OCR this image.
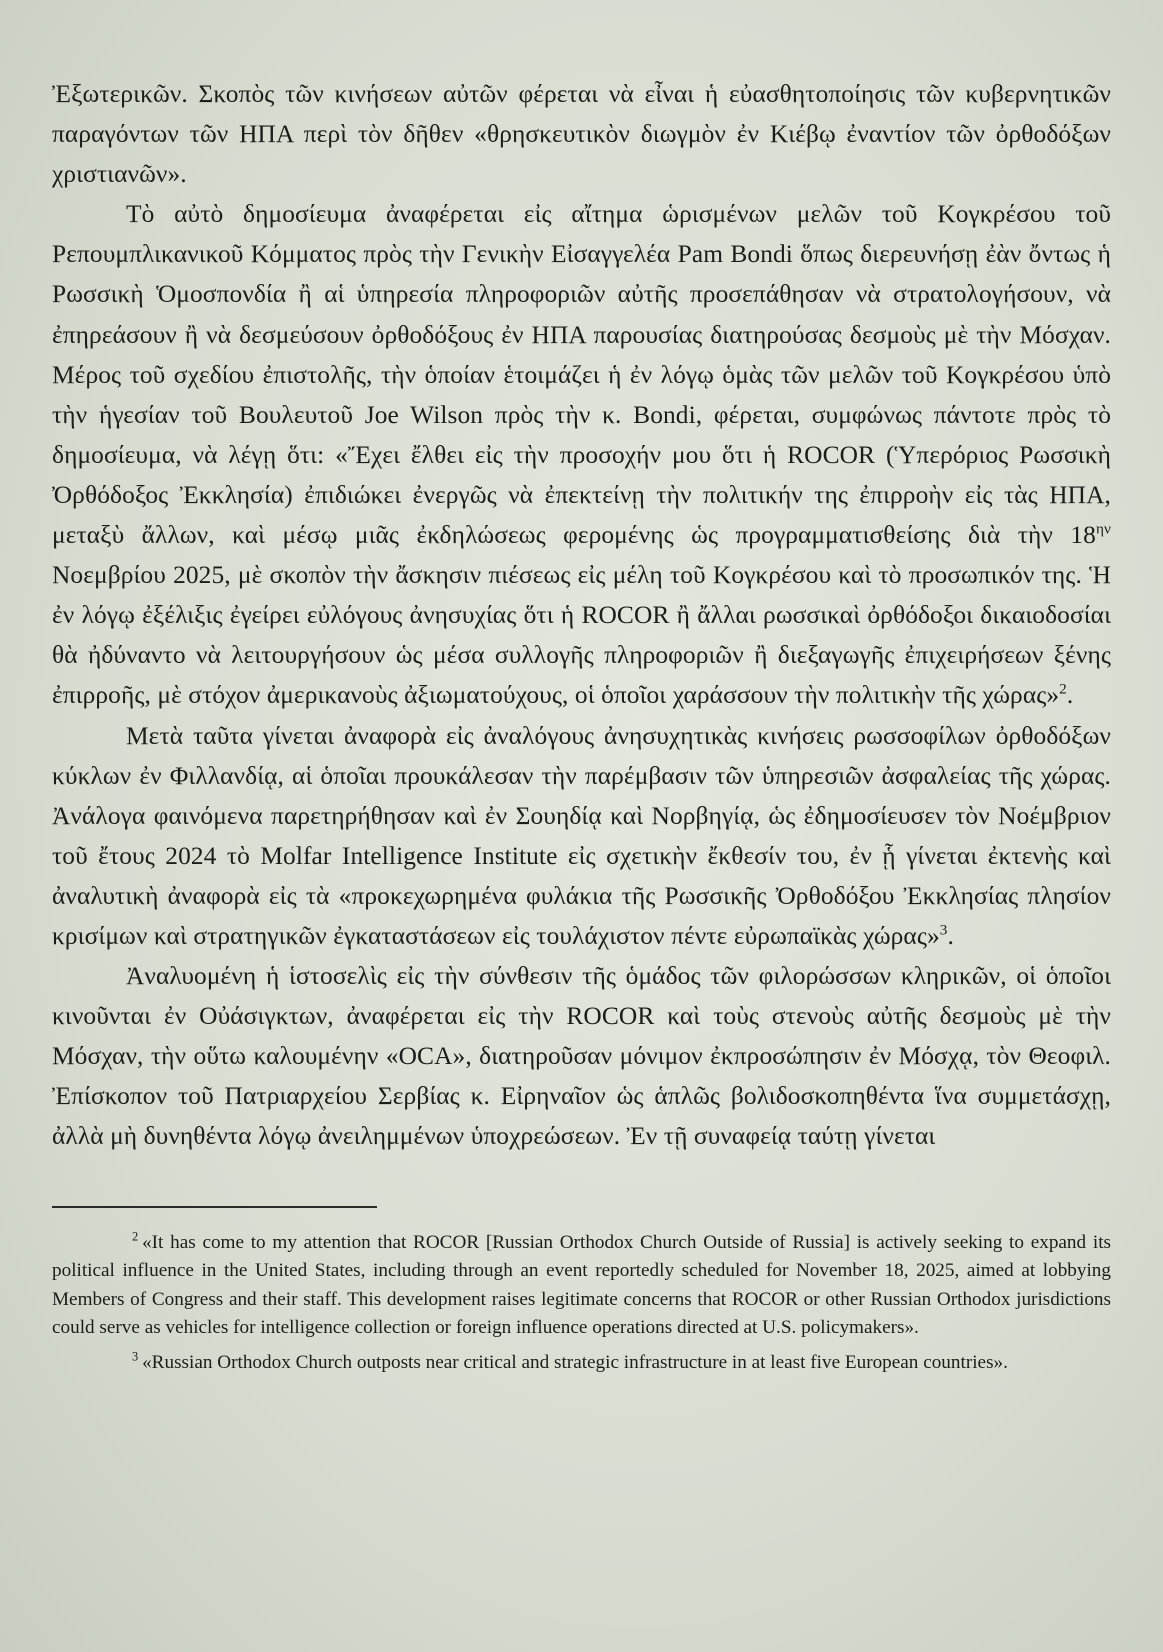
Ἐξωτερικῶν. Σκοπὸς τῶν κινήσεων αὐτῶν φέρεται νὰ εἶναι ἡ εὐασθητοποίησις τῶν κυβερνητικῶν παραγόντων τῶν ΗΠΑ περὶ τὸν δῆθεν «θρησκευτικὸν διωγμὸν ἐν Κιέβῳ ἐναντίον τῶν ὀρθοδόξων χριστιανῶν».

Τὸ αὐτὸ δημοσίευμα ἀναφέρεται εἰς αἴτημα ὡρισμένων μελῶν τοῦ Κογκρέσου τοῦ Ρεπουμπλικανικοῦ Κόμματος πρὸς τὴν Γενικὴν Εἰσαγγελέα Pam Bondi ὅπως διερευνήσῃ ἐὰν ὄντως ἡ Ρωσσικὴ Ὁμοσπονδία ἢ αἱ ὑπηρεσία πληροφοριῶν αὐτῆς προσεπάθησαν νὰ στρατολογήσουν, νὰ ἐπηρεάσουν ἢ νὰ δεσμεύσουν ὀρθοδόξους ἐν ΗΠΑ παρουσίας διατηρούσας δεσμοὺς μὲ τὴν Μόσχαν. Μέρος τοῦ σχεδίου ἐπιστολῆς, τὴν ὁποίαν ἑτοιμάζει ἡ ἐν λόγῳ ὁμὰς τῶν μελῶν τοῦ Κογκρέσου ὑπὸ τὴν ἡγεσίαν τοῦ Βουλευτοῦ Joe Wilson πρὸς τὴν κ. Bondi, φέρεται, συμφώνως πάντοτε πρὸς τὸ δημοσίευμα, νὰ λέγῃ ὅτι: «Ἔχει ἔλθει εἰς τὴν προσοχήν μου ὅτι ἡ ROCOR (Ὑπερόριος Ρωσσικὴ Ὀρθόδοξος Ἐκκλησία) ἐπιδιώκει ἐνεργῶς νὰ ἐπεκτείνῃ τὴν πολιτικήν της ἐπιρροὴν εἰς τὰς ΗΠΑ, μεταξὺ ἄλλων, καὶ μέσῳ μιᾶς ἐκδηλώσεως φερομένης ὡς προγραμματισθείσης διὰ τὴν $18^{\eta\nu}$ Νοεμβρίου 2025, μὲ σκοπὸν τὴν ἄσκησιν πιέσεως εἰς μέλη τοῦ Κογκρέσου καὶ τὸ προσωπικόν της. Ἡ ἐν λόγῳ ἐξέλιξις ἐγείρει εὐλόγους ἀνησυχίας ὅτι ἡ ROCOR ἢ ἄλλαι ρωσσικαὶ ὀρθόδοξοι δικαιοδοσίαι θὰ ἠδύναντο νὰ λειτουργήσουν ὡς μέσα συλλογῆς πληροφοριῶν ἢ διεξαγωγῆς ἐπιχειρήσεων ξένης ἐπιρροῆς, μὲ στόχον ἀμερικανοὺς ἀξιωματούχους, οἱ ὁποῖοι χαράσσουν τὴν πολιτικὴν τῆς χώρας»$^2$.

Μετὰ ταῦτα γίνεται ἀναφορὰ εἰς ἀναλόγους ἀνησυχητικὰς κινήσεις ρωσσοφίλων ὀρθοδόξων κύκλων ἐν Φιλλανδίᾳ, αἱ ὁποῖαι προυκάλεσαν τὴν παρέμβασιν τῶν ὑπηρεσιῶν ἀσφαλείας τῆς χώρας. Ἀνάλογα φαινόμενα παρετηρήθησαν καὶ ἐν Σουηδίᾳ καὶ Νορβηγίᾳ, ὡς ἐδημοσίευσεν τὸν Νοέμβριον τοῦ ἔτους 2024 τὸ Molfar Intelligence Institute εἰς σχετικὴν ἔκθεσίν του, ἐν ᾗ γίνεται ἐκτενὴς καὶ ἀναλυτικὴ ἀναφορὰ εἰς τὰ «προκεχωρημένα φυλάκια τῆς Ρωσσικῆς Ὀρθοδόξου Ἐκκλησίας πλησίον κρισίμων καὶ στρατηγικῶν ἐγκαταστάσεων εἰς τουλάχιστον πέντε εὐρωπαϊκὰς χώρας»$^3$.

Ἀναλυομένη ἡ ἱστοσελὶς εἰς τὴν σύνθεσιν τῆς ὁμάδος τῶν φιλορώσσων κληρικῶν, οἱ ὁποῖοι κινοῦνται ἐν Οὐάσιγκτων, ἀναφέρεται εἰς τὴν ROCOR καὶ τοὺς στενοὺς αὐτῆς δεσμοὺς μὲ τὴν Μόσχαν, τὴν οὕτω καλουμένην «OCA», διατηροῦσαν μόνιμον ἐκπροσώπησιν ἐν Μόσχᾳ, τὸν Θεοφιλ. Ἐπίσκοπον τοῦ Πατριαρχείου Σερβίας κ. Εἰρηναῖον ὡς ἁπλῶς βολιδοσκοπηθέντα ἵνα συμμετάσχῃ, ἀλλὰ μὴ δυνηθέντα λόγῳ ἀνειλημμένων ὑποχρεώσεων. Ἐν τῇ συναφείᾳ ταύτῃ γίνεται

$^2$  «It has come to my attention that ROCOR [Russian Orthodox Church Outside of Russia] is actively seeking to expand its political influence in the United States, including through an event reportedly scheduled for November 18, 2025, aimed at lobbying Members of Congress and their staff. This development raises legitimate concerns that ROCOR or other Russian Orthodox jurisdictions could serve as vehicles for intelligence collection or foreign influence operations directed at U.S. policymakers».

$^3$  «Russian Orthodox Church outposts near critical and strategic infrastructure in at least five European countries».
